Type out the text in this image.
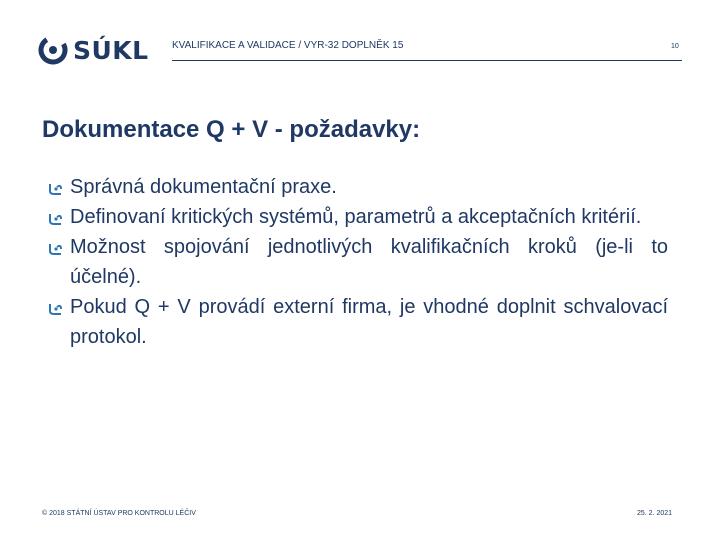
SÚKL KVALIFIKACE A VALIDACE / VYR-32 DOPLNĚK 15	10
Dokumentace Q + V - požadavky:
Správná dokumentační praxe.
Definovaní kritických systémů, parametrů a akceptačních kritérií.
Možnost spojování jednotlivých kvalifikačních kroků (je-li to účelné).
Pokud Q + V provádí externí firma, je vhodné doplnit schvalovací protokol.
© 2018 STÁTNÍ ÚSTAV PRO KONTROLU LÉČIV	25. 2. 2021
